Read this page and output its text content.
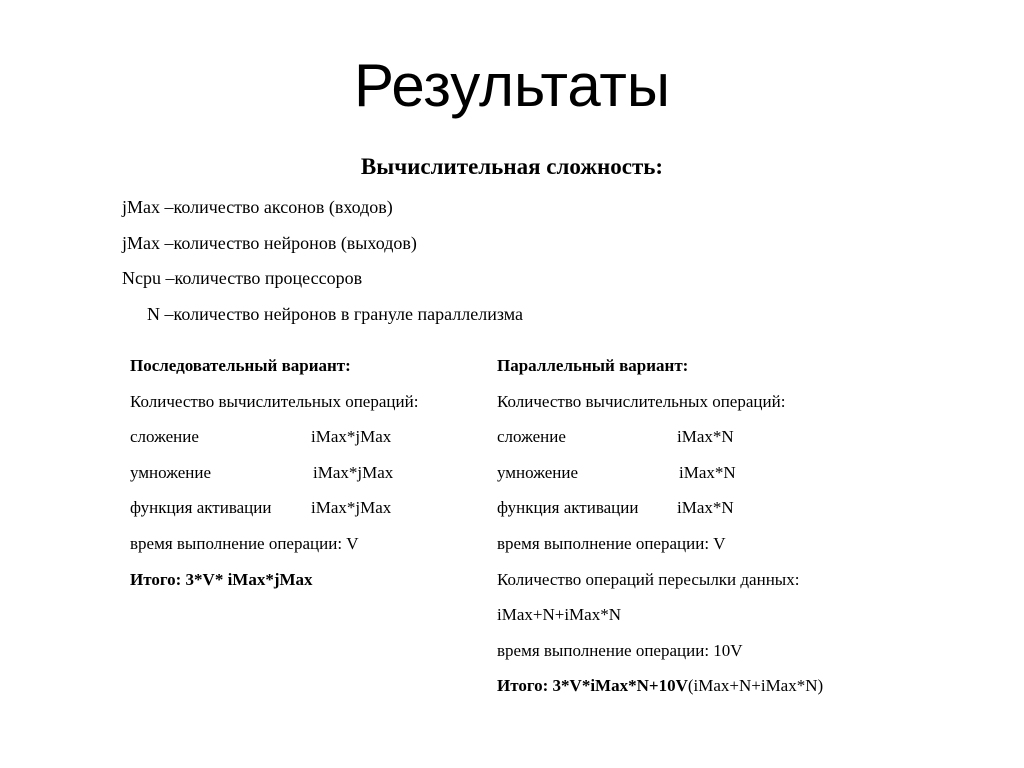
Результаты
Вычислительная сложность:
jMax –количество аксонов (входов)
jMax –количество нейронов (выходов)
Ncpu –количество процессоров
N –количество нейронов в грануле параллелизма
Последовательный вариант:
Количество вычислительных операций:
сложение	iMax*jMax
умножение	iMax*jMax
функция активации iMax*jMax
время выполнение операции: V
Итого: 3*V* iMax*jMax
Параллельный вариант:
Количество вычислительных операций:
сложение	iMax*N
умножение	iMax*N
функция активации iMax*N
время выполнение операции: V
Количество операций пересылки данных:
iMax+N+iMax*N
время выполнение операции: 10V
Итого: 3*V*iMax*N+10V(iMax+N+iMax*N)
